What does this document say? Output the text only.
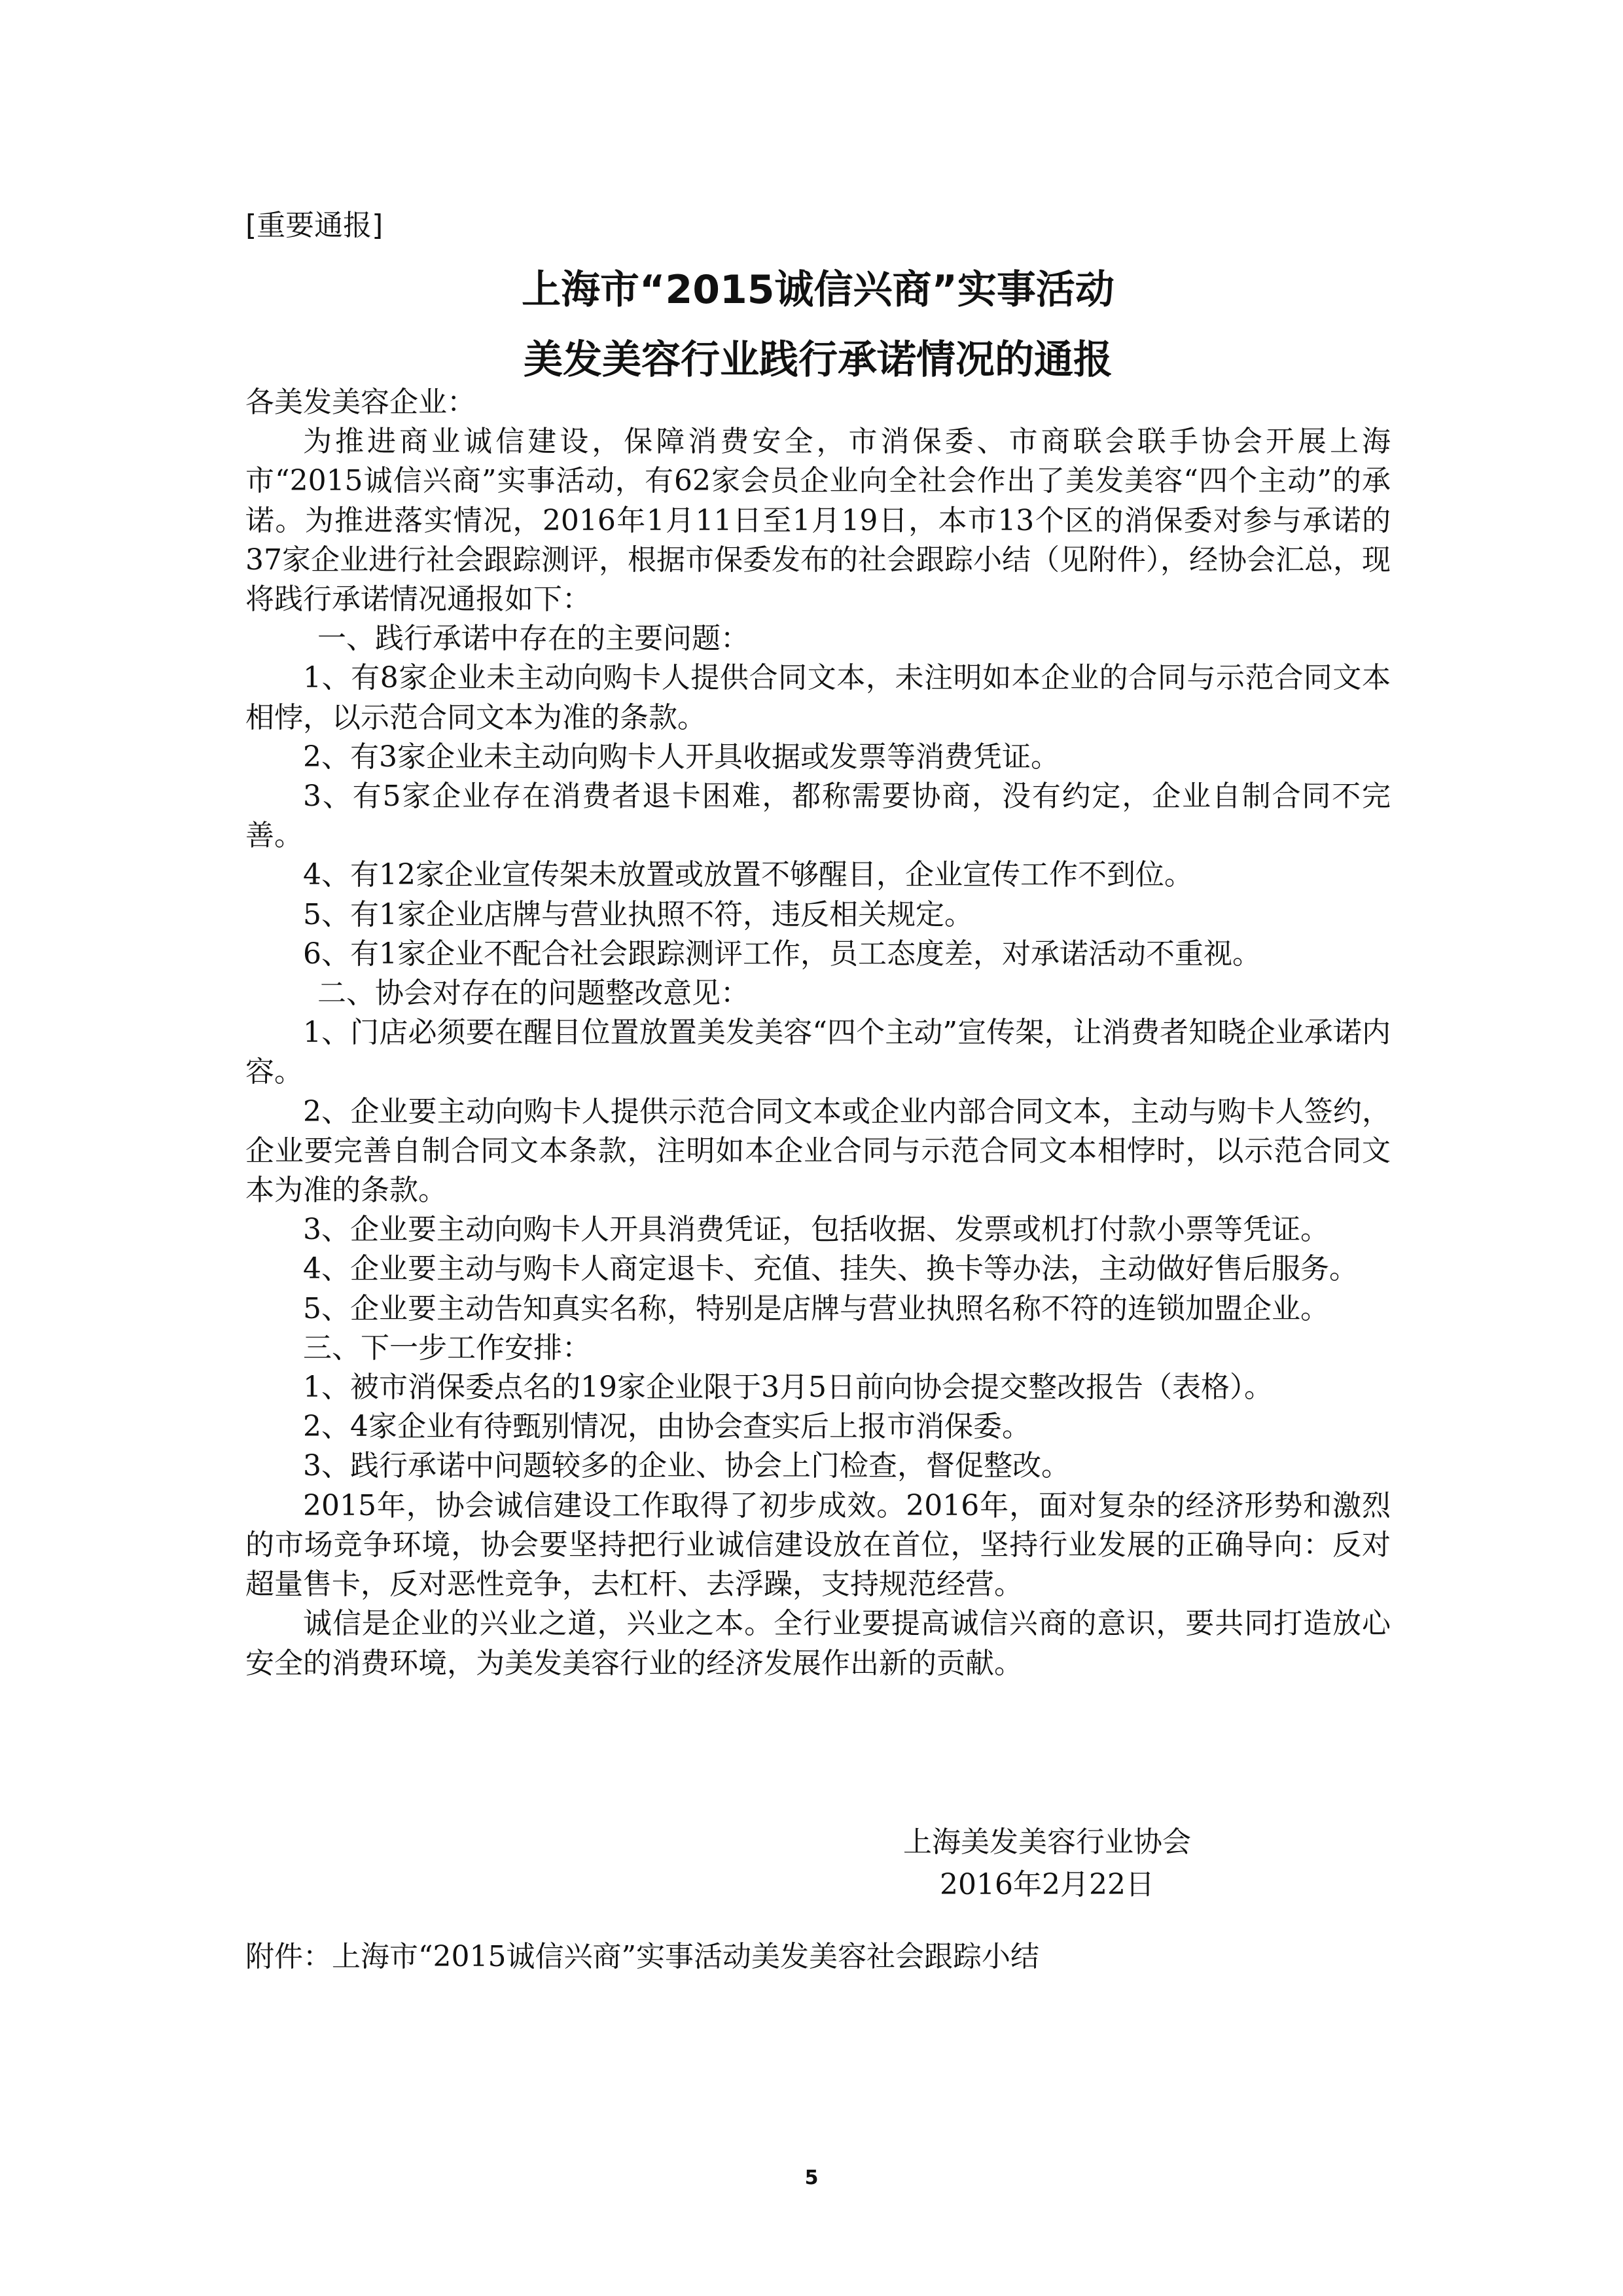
[重要通报]
上海市“2015诚信兴商”实事活动
美发美容行业践行承诺情况的通报

各美发美容企业：

为推进商业诚信建设，保障消费安全，市消保委、市商联会联手协会开展上海市“2015诚信兴商”实事活动，有62家会员企业向全社会作出了美发美容“四个主动”的承诺。为推进落实情况，2016年1月11日至1月19日，本市13个区的消保委对参与承诺的37家企业进行社会跟踪测评，根据市保委发布的社会跟踪小结（见附件），经协会汇总，现将践行承诺情况通报如下：

一、践行承诺中存在的主要问题：

1、有8家企业未主动向购卡人提供合同文本，未注明如本企业的合同与示范合同文本相悖，以示范合同文本为准的条款。

2、有3家企业未主动向购卡人开具收据或发票等消费凭证。

3、有5家企业存在消费者退卡困难，都称需要协商，没有约定，企业自制合同不完善。

4、有12家企业宣传架未放置或放置不够醒目，企业宣传工作不到位。

5、有1家企业店牌与营业执照不符，违反相关规定。

6、有1家企业不配合社会跟踪测评工作，员工态度差，对承诺活动不重视。

二、协会对存在的问题整改意见：

1、门店必须要在醒目位置放置美发美容“四个主动”宣传架，让消费者知晓企业承诺内容。

2、企业要主动向购卡人提供示范合同文本或企业内部合同文本，主动与购卡人签约，企业要完善自制合同文本条款，注明如本企业合同与示范合同文本相悖时，以示范合同文本为准的条款。

3、企业要主动向购卡人开具消费凭证，包括收据、发票或机打付款小票等凭证。

4、企业要主动与购卡人商定退卡、充值、挂失、换卡等办法，主动做好售后服务。

5、企业要主动告知真实名称，特别是店牌与营业执照名称不符的连锁加盟企业。

三、下一步工作安排：

1、被市消保委点名的19家企业限于3月5日前向协会提交整改报告（表格）。

2、4家企业有待甄别情况，由协会查实后上报市消保委。

3、践行承诺中问题较多的企业、协会上门检查，督促整改。

2015年，协会诚信建设工作取得了初步成效。2016年，面对复杂的经济形势和激烈的市场竞争环境，协会要坚持把行业诚信建设放在首位，坚持行业发展的正确导向：反对超量售卡，反对恶性竞争，去杠杆、去浮躁，支持规范经营。

诚信是企业的兴业之道，兴业之本。全行业要提高诚信兴商的意识，要共同打造放心安全的消费环境，为美发美容行业的经济发展作出新的贡献。

上海美发美容行业协会
2016年2月22日
附件：上海市“2015诚信兴商”实事活动美发美容社会跟踪小结
5
